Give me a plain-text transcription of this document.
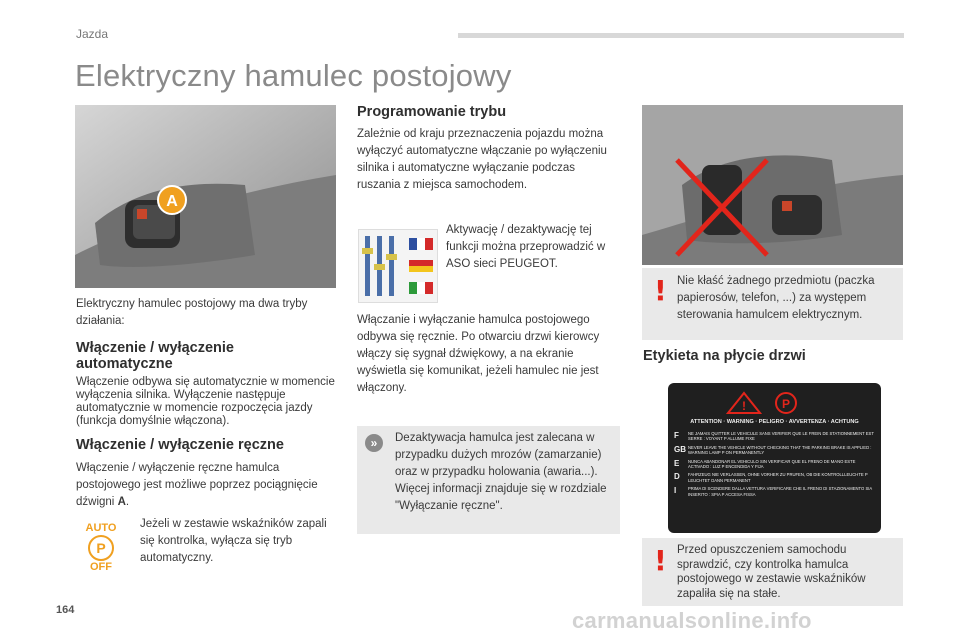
Jazda
Elektryczny hamulec postojowy
A
Elektryczny hamulec postojowy ma dwa tryby działania:
Włączenie / wyłączenie
automatyczne
Włączenie odbywa się automatycznie w momencie wyłączenia silnika. Wyłączenie następuje automatycznie w momencie rozpoczęcia jazdy (funkcja domyślnie włączona).
Włączenie / wyłączenie ręczne
Włączenie / wyłączenie ręczne hamulca postojowego jest możliwe poprzez pociągnięcie dźwigni A.
AUTO
P
OFF
Jeżeli w zestawie wskaźników zapali się kontrolka, wyłącza się tryb automatyczny.
Programowanie trybu
Zależnie od kraju przeznaczenia pojazdu można wyłączyć automatyczne włączanie po wyłączeniu silnika i automatyczne wyłączanie podczas ruszania z miejsca samochodem.
Aktywację / dezaktywację tej funkcji można przeprowadzić w ASO sieci PEUGEOT.
Włączanie i wyłączanie hamulca postojowego odbywa się ręcznie. Po otwarciu drzwi kierowcy włączy się sygnał dźwiękowy, a na ekranie wyświetla się komunikat, jeżeli hamulec nie jest włączony.
»	Dezaktywacja hamulca jest zalecana w przypadku dużych mrozów (zamarzanie) oraz w przypadku holowania (awaria...). Więcej informacji znajduje się w rozdziale "Wyłączanie ręczne".
! Nie kłaść żadnego przedmiotu (paczka papierosów, telefon, ...) za występem sterowania hamulcem elektrycznym.
Etykieta na płycie drzwi
!	P
ATTENTION · WARNING · PELIGRO · AVVERTENZA · ACHTUNG
F	NE JAMAIS QUITTER LE VEHICULE SANS VERIFIER QUE LE FREIN DE STATIONNEMENT EST SERRE : VOYANT P ALLUME FIXE
GB NEVER LEAVE THE VEHICLE WITHOUT CHECKING THAT THE PARKING BRAKE IS APPLIED : WARNING LAMP P ON PERMANENTLY
E	NUNCA ABANDONAR EL VEHICULO SIN VERIFICAR QUE EL FRENO DE MANO ESTE ACTIVADO : LUZ P ENCENDIDA Y FIJA
D	FAHRZEUG NIE VERLASSEN, OHNE VORHER ZU PRUFEN, OB DIE KONTROLLLEUCHTE P LEUCHTET DANN PERMANENT
I	PRIMA DI SCENDERE DALLA VETTURA VERIFICARE CHE IL FRENO DI STAZIONAMENTO SIA INSERITO : SPIA P ACCESA FISSA
! Przed opuszczeniem samochodu sprawdzić, czy kontrolka hamulca postojowego w zestawie wskaźników zapaliła się na stałe.
164	carmanualsonline.info
